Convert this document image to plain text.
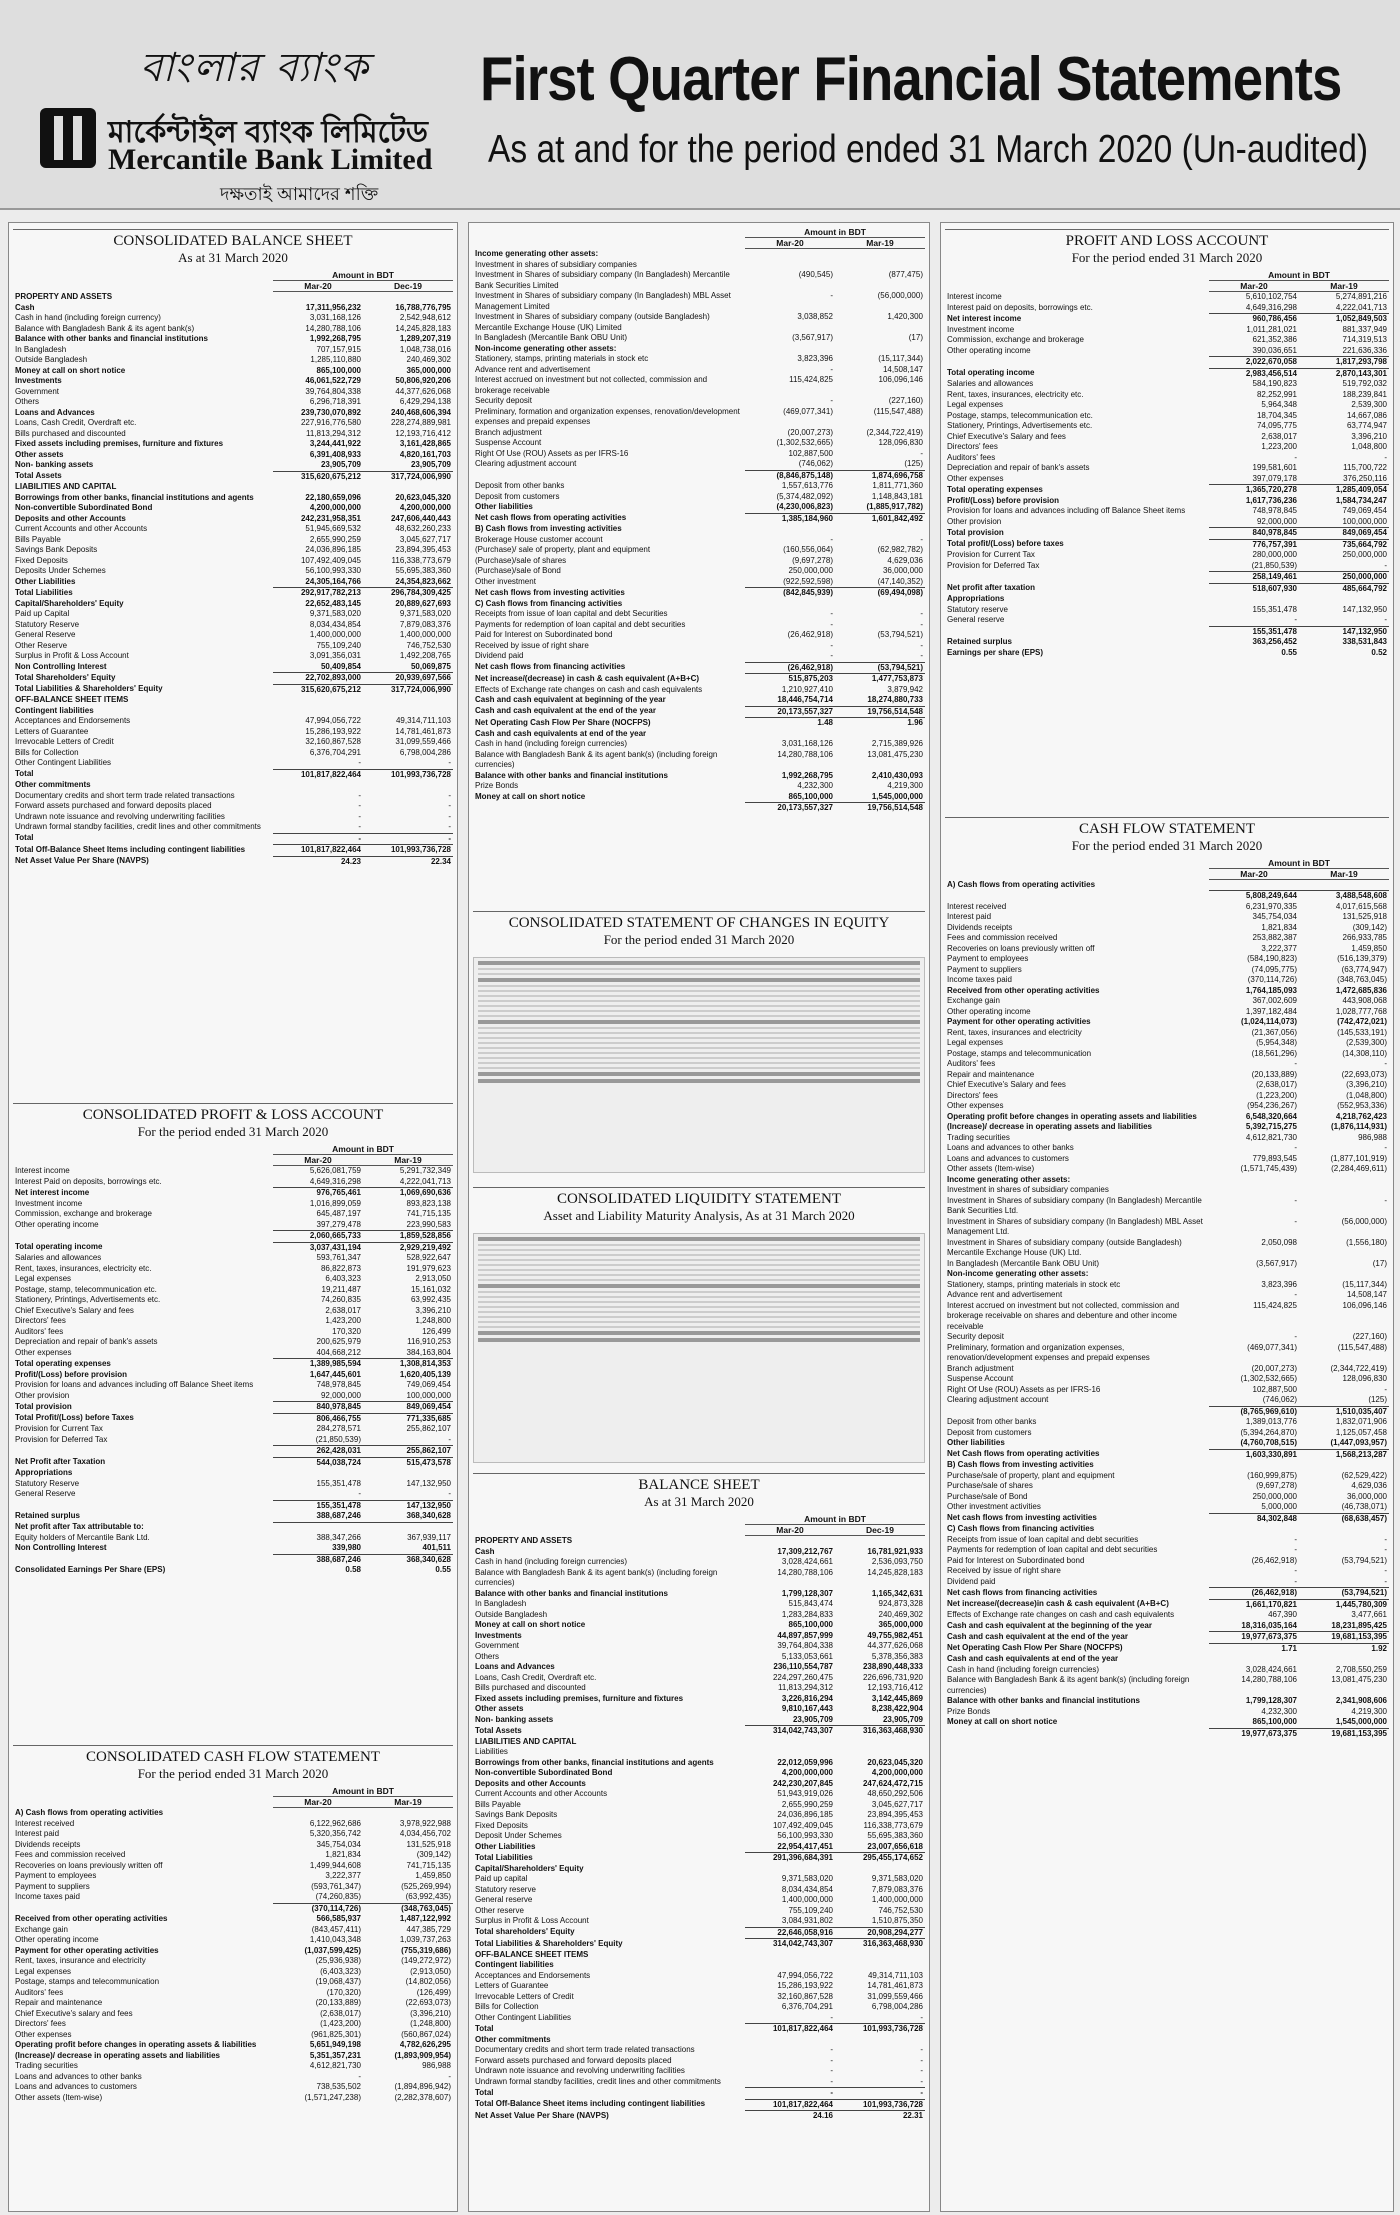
বাংলার ব্যাংক
মার্কেন্টাইল ব্যাংক লিমিটেড
Mercantile Bank Limited
দক্ষতাই আমাদের শক্তি
First Quarter Financial Statements
As at and for the period ended 31 March 2020 (Un-audited)
CONSOLIDATED BALANCE SHEET
As at 31 March 2020
Amount in BDT
Mar-20	Dec-19
PROPERTY AND ASSETS		
Cash	17,311,956,232	16,788,776,795
Cash in hand (including foreign currency)	3,031,168,126	2,542,948,612
Balance with Bangladesh Bank & its agent bank(s)	14,280,788,106	14,245,828,183
Balance with other banks and financial institutions	1,992,268,795	1,289,207,319
In Bangladesh	707,157,915	1,048,738,016
Outside Bangladesh	1,285,110,880	240,469,302
Money at call on short notice	865,100,000	365,000,000
Investments	46,061,522,729	50,806,920,206
Government	39,764,804,338	44,377,626,068
Others	6,296,718,391	6,429,294,138
Loans and Advances	239,730,070,892	240,468,606,394
Loans, Cash Credit, Overdraft etc.	227,916,776,580	228,274,889,981
Bills purchased and discounted	11,813,294,312	12,193,716,412
Fixed assets including premises, furniture and fixtures	3,244,441,922	3,161,428,865
Other assets	6,391,408,933	4,820,161,703
Non- banking assets	23,905,709	23,905,709
Total Assets	315,620,675,212	317,724,006,990
LIABILITIES AND CAPITAL		
Borrowings from other banks, financial institutions and agents	22,180,659,096	20,623,045,320
Non-convertible Subordinated Bond	4,200,000,000	4,200,000,000
Deposits and other Accounts	242,231,958,351	247,606,440,443
Current Accounts and other Accounts	51,945,669,532	48,632,260,233
Bills Payable	2,655,990,259	3,045,627,717
Savings Bank Deposits	24,036,896,185	23,894,395,453
Fixed Deposits	107,492,409,045	116,338,773,679
Deposits Under Schemes	56,100,993,330	55,695,383,360
Other Liabilities	24,305,164,766	24,354,823,662
Total Liabilities	292,917,782,213	296,784,309,425
Capital/Shareholders' Equity	22,652,483,145	20,889,627,693
Paid up Capital	9,371,583,020	9,371,583,020
Statutory Reserve	8,034,434,854	7,879,083,376
General Reserve	1,400,000,000	1,400,000,000
Other Reserve	755,109,240	746,752,530
Surplus in Profit & Loss Account	3,091,356,031	1,492,208,765
Non Controlling Interest	50,409,854	50,069,875
Total Shareholders' Equity	22,702,893,000	20,939,697,566
Total Liabilities & Shareholders' Equity	315,620,675,212	317,724,006,990
OFF-BALANCE SHEET ITEMS		
Contingent liabilities		
Acceptances and Endorsements	47,994,056,722	49,314,711,103
Letters of Guarantee	15,286,193,922	14,781,461,873
Irrevocable Letters of Credit	32,160,867,528	31,099,559,466
Bills for Collection	6,376,704,291	6,798,004,286
Other Contingent Liabilities	-	-
Total	101,817,822,464	101,993,736,728
Other commitments		
Documentary credits and short term trade related transactions	-	-
Forward assets purchased and forward deposits placed	-	-
Undrawn note issuance and revolving underwriting facilities	-	-
Undrawn formal standby facilities, credit lines and other commitments	-	-
Total	-	-
Total Off-Balance Sheet Items including contingent liabilities	101,817,822,464	101,993,736,728
Net Asset Value Per Share (NAVPS)	24.23	22.34
CONSOLIDATED PROFIT & LOSS ACCOUNT
For the period ended 31 March 2020
Amount in BDT
Mar-20	Mar-19
Interest income	5,626,081,759	5,291,732,349
Interest Paid on deposits, borrowings etc.	4,649,316,298	4,222,041,713
Net interest income	976,765,461	1,069,690,636
Investment income	1,016,899,059	893,823,138
Commission, exchange and brokerage	645,487,197	741,715,135
Other operating income	397,279,478	223,990,583
	2,060,665,733	1,859,528,856
Total operating income	3,037,431,194	2,929,219,492
Salaries and allowances	593,761,347	528,922,647
Rent, taxes, insurances, electricity etc.	86,822,873	191,979,623
Legal expenses	6,403,323	2,913,050
Postage, stamp, telecommunication etc.	19,211,487	15,161,032
Stationery, Printings, Advertisements etc.	74,260,835	63,992,435
Chief Executive's Salary and fees	2,638,017	3,396,210
Directors' fees	1,423,200	1,248,800
Auditors' fees	170,320	126,499
Depreciation and repair of bank's assets	200,625,979	116,910,253
Other expenses	404,668,212	384,163,804
Total operating expenses	1,389,985,594	1,308,814,353
Profit/(Loss) before provision	1,647,445,601	1,620,405,139
Provision for loans and advances including off Balance Sheet items	748,978,845	749,069,454
Other provision	92,000,000	100,000,000
Total provision	840,978,845	849,069,454
Total Profit/(Loss) before Taxes	806,466,755	771,335,685
Provision for Current Tax	284,278,571	255,862,107
Provision for Deferred Tax	(21,850,539)	-
	262,428,031	255,862,107
Net Profit after Taxation	544,038,724	515,473,578
Appropriations		
Statutory Reserve	155,351,478	147,132,950
General Reserve	-	-
	155,351,478	147,132,950
Retained surplus	388,687,246	368,340,628
Net profit after Tax attributable to:		
Equity holders of Mercantile Bank Ltd.	388,347,266	367,939,117
Non Controlling Interest	339,980	401,511
	388,687,246	368,340,628
Consolidated Earnings Per Share (EPS)	0.58	0.55
CONSOLIDATED CASH FLOW STATEMENT
For the period ended 31 March 2020
Amount in BDT
Mar-20	Mar-19
A) Cash flows from operating activities		
Interest received	6,122,962,686	3,978,922,988
Interest paid	5,320,356,742	4,034,456,702
Dividends receipts	345,754,034	131,525,918
Fees and commission received	1,821,834	(309,142)
Recoveries on loans previously written off	1,499,944,608	741,715,135
Payment to employees	3,222,377	1,459,850
Payment to suppliers	(593,761,347)	(525,269,994)
Income taxes paid	(74,260,835)	(63,992,435)
	(370,114,726)	(348,763,045)
Received from other operating activities	566,585,937	1,487,122,992
Exchange gain	(843,457,411)	447,385,729
Other operating income	1,410,043,348	1,039,737,263
Payment for other operating activities	(1,037,599,425)	(755,319,686)
Rent, taxes, insurance and electricity	(25,936,938)	(149,272,972)
Legal expenses	(6,403,323)	(2,913,050)
Postage, stamps and telecommunication	(19,068,437)	(14,802,056)
Auditors' fees	(170,320)	(126,499)
Repair and maintenance	(20,133,889)	(22,693,073)
Chief Executive's salary and fees	(2,638,017)	(3,396,210)
Directors' fees	(1,423,200)	(1,248,800)
Other expenses	(961,825,301)	(560,867,024)
Operating profit before changes in operating assets & liabilities	5,651,949,198	4,782,626,295
(Increase)/ decrease in operating assets and liabilities	5,351,357,231	(1,893,909,954)
Trading securities	4,612,821,730	986,988
Loans and advances to other banks	-	-
Loans and advances to customers	738,535,502	(1,894,896,942)
Other assets (Item-wise)	(1,571,247,238)	(2,282,378,607)
Amount in BDT
Mar-20	Mar-19
Income generating other assets:		
Investment in shares of subsidiary companies		
Investment in Shares of subsidiary company (In Bangladesh) Mercantile Bank Securities Limited	(490,545)	(877,475)
Investment in Shares of subsidiary company (In Bangladesh) MBL Asset Management Limited	-	(56,000,000)
Investment in Shares of subsidiary company (outside Bangladesh) Mercantile Exchange House (UK) Limited	3,038,852	1,420,300
In Bangladesh (Mercantile Bank OBU Unit)	(3,567,917)	(17)
Non-income generating other assets:		
Stationery, stamps, printing materials in stock etc	3,823,396	(15,117,344)
Advance rent and advertisement	-	14,508,147
Interest accrued on investment but not collected, commission and brokerage receivable	115,424,825	106,096,146
Security deposit	-	(227,160)
Preliminary, formation and organization expenses, renovation/development expenses and prepaid expenses	(469,077,341)	(115,547,488)
Branch adjustment	(20,007,273)	(2,344,722,419)
Suspense Account	(1,302,532,665)	128,096,830
Right Of Use (ROU) Assets as per IFRS-16	102,887,500	-
Clearing adjustment account	(746,062)	(125)
	(8,846,875,148)	1,874,696,758
Deposit from other banks	1,557,613,776	1,811,771,360
Deposit from customers	(5,374,482,092)	1,148,843,181
Other liabilities	(4,230,006,823)	(1,885,917,782)
Net cash flows from operating activities	1,385,184,960	1,601,842,492
B) Cash flows from investing activities		
Brokerage House customer account	-	-
(Purchase)/ sale of property, plant and equipment	(160,556,064)	(62,982,782)
(Purchase)/sale of shares	(9,697,278)	4,629,036
(Purchase)/sale of Bond	250,000,000	36,000,000
Other investment	(922,592,598)	(47,140,352)
Net cash flows from investing activities	(842,845,939)	(69,494,098)
C) Cash flows from financing activities		
Receipts from issue of loan capital and debt Securities	-	-
Payments for redemption of loan capital and debt securities	-	-
Paid for Interest on Subordinated bond	(26,462,918)	(53,794,521)
Received by issue of right share	-	-
Dividend paid	-	-
Net cash flows from financing activities	(26,462,918)	(53,794,521)
Net increase/(decrease) in cash & cash equivalent (A+B+C)	515,875,203	1,477,753,873
Effects of Exchange rate changes on cash and cash equivalents	1,210,927,410	3,879,942
Cash and cash equivalent at beginning of the year	18,446,754,714	18,274,880,733
Cash and cash equivalent at the end of the year	20,173,557,327	19,756,514,548
Net Operating Cash Flow Per Share (NOCFPS)	1.48	1.96
Cash and cash equivalents at end of the year		
Cash in hand (including foreign currencies)	3,031,168,126	2,715,389,926
Balance with Bangladesh Bank & its agent bank(s) (including foreign currencies)	14,280,788,106	13,081,475,230
Balance with other banks and financial institutions	1,992,268,795	2,410,430,093
Prize Bonds	4,232,300	4,219,300
Money at call on short notice	865,100,000	1,545,000,000
	20,173,557,327	19,756,514,548
CONSOLIDATED STATEMENT OF CHANGES IN EQUITY
For the period ended 31 March 2020
CONSOLIDATED LIQUIDITY STATEMENT
Asset and Liability Maturity Analysis, As at 31 March 2020
BALANCE SHEET
As at 31 March 2020
Amount in BDT
Mar-20	Dec-19
PROPERTY AND ASSETS		
Cash	17,309,212,767	16,781,921,933
Cash in hand (including foreign currencies)	3,028,424,661	2,536,093,750
Balance with Bangladesh Bank & its agent bank(s) (including foreign currencies)	14,280,788,106	14,245,828,183
Balance with other banks and financial institutions	1,799,128,307	1,165,342,631
In Bangladesh	515,843,474	924,873,328
Outside Bangladesh	1,283,284,833	240,469,302
Money at call on short notice	865,100,000	365,000,000
Investments	44,897,857,999	49,755,982,451
Government	39,764,804,338	44,377,626,068
Others	5,133,053,661	5,378,356,383
Loans and Advances	236,110,554,787	238,890,448,333
Loans, Cash Credit, Overdraft etc.	224,297,260,475	226,696,731,920
Bills purchased and discounted	11,813,294,312	12,193,716,412
Fixed assets including premises, furniture and fixtures	3,226,816,294	3,142,445,869
Other assets	9,810,167,443	8,238,422,904
Non- banking assets	23,905,709	23,905,709
Total Assets	314,042,743,307	316,363,468,930
LIABILITIES AND CAPITAL		
Liabilities		
Borrowings from other banks, financial institutions and agents	22,012,059,996	20,623,045,320
Non-convertible Subordinated Bond	4,200,000,000	4,200,000,000
Deposits and other Accounts	242,230,207,845	247,624,472,715
Current Accounts and other Accounts	51,943,919,026	48,650,292,506
Bills Payable	2,655,990,259	3,045,627,717
Savings Bank Deposits	24,036,896,185	23,894,395,453
Fixed Deposits	107,492,409,045	116,338,773,679
Deposit Under Schemes	56,100,993,330	55,695,383,360
Other Liabilities	22,954,417,451	23,007,656,618
Total Liabilities	291,396,684,391	295,455,174,652
Capital/Shareholders' Equity		
Paid up capital	9,371,583,020	9,371,583,020
Statutory reserve	8,034,434,854	7,879,083,376
General reserve	1,400,000,000	1,400,000,000
Other reserve	755,109,240	746,752,530
Surplus in Profit & Loss Account	3,084,931,802	1,510,875,350
Total shareholders' Equity	22,646,058,916	20,908,294,277
Total Liabilities & Shareholders' Equity	314,042,743,307	316,363,468,930
OFF-BALANCE SHEET ITEMS		
Contingent liabilities		
Acceptances and Endorsements	47,994,056,722	49,314,711,103
Letters of Guarantee	15,286,193,922	14,781,461,873
Irrevocable Letters of Credit	32,160,867,528	31,099,559,466
Bills for Collection	6,376,704,291	6,798,004,286
Other Contingent Liabilities	-	-
Total	101,817,822,464	101,993,736,728
Other commitments		
Documentary credits and short term trade related transactions	-	-
Forward assets purchased and forward deposits placed	-	-
Undrawn note issuance and revolving underwriting facilities	-	-
Undrawn formal standby facilities, credit lines and other commitments	-	-
Total	-	-
Total Off-Balance Sheet items including contingent liabilities	101,817,822,464	101,993,736,728
Net Asset Value Per Share (NAVPS)	24.16	22.31
PROFIT AND LOSS ACCOUNT
For the period ended 31 March 2020
Amount in BDT
Mar-20	Mar-19
Interest income	5,610,102,754	5,274,891,216
Interest paid on deposits, borrowings etc.	4,649,316,298	4,222,041,713
Net interest income	960,786,456	1,052,849,503
Investment income	1,011,281,021	881,337,949
Commission, exchange and brokerage	621,352,386	714,319,513
Other operating income	390,036,651	221,636,336
	2,022,670,058	1,817,293,798
Total operating income	2,983,456,514	2,870,143,301
Salaries and allowances	584,190,823	519,792,032
Rent, taxes, insurances, electricity etc.	82,252,991	188,239,841
Legal expenses	5,964,348	2,539,300
Postage, stamps, telecommunication etc.	18,704,345	14,667,086
Stationery, Printings, Advertisements etc.	74,095,775	63,774,947
Chief Executive's Salary and fees	2,638,017	3,396,210
Directors' fees	1,223,200	1,048,800
Auditors' fees	-	-
Depreciation and repair of bank's assets	199,581,601	115,700,722
Other expenses	397,079,178	376,250,116
Total operating expenses	1,365,720,278	1,285,409,054
Profit/(Loss) before provision	1,617,736,236	1,584,734,247
Provision for loans and advances including off Balance Sheet items	748,978,845	749,069,454
Other provision	92,000,000	100,000,000
Total provision	840,978,845	849,069,454
Total profit/(Loss) before taxes	776,757,391	735,664,792
Provision for Current Tax	280,000,000	250,000,000
Provision for Deferred Tax	(21,850,539)	-
	258,149,461	250,000,000
Net profit after taxation	518,607,930	485,664,792
Appropriations		
Statutory reserve	155,351,478	147,132,950
General reserve	-	-
	155,351,478	147,132,950
Retained surplus	363,256,452	338,531,843
Earnings per share (EPS)	0.55	0.52
CASH FLOW STATEMENT
For the period ended 31 March 2020
Amount in BDT
Mar-20	Mar-19
A) Cash flows from operating activities		
	5,808,249,644	3,488,548,608
Interest received	6,231,970,335	4,017,615,568
Interest paid	345,754,034	131,525,918
Dividends receipts	1,821,834	(309,142)
Fees and commission received	253,882,387	266,933,785
Recoveries on loans previously written off	3,222,377	1,459,850
Payment to employees	(584,190,823)	(516,139,379)
Payment to suppliers	(74,095,775)	(63,774,947)
Income taxes paid	(370,114,726)	(348,763,045)
Received from other operating activities	1,764,185,093	1,472,685,836
Exchange gain	367,002,609	443,908,068
Other operating income	1,397,182,484	1,028,777,768
Payment for other operating activities	(1,024,114,073)	(742,472,021)
Rent, taxes, insurances and electricity	(21,367,056)	(145,533,191)
Legal expenses	(5,954,348)	(2,539,300)
Postage, stamps and telecommunication	(18,561,296)	(14,308,110)
Auditors' fees	-	-
Repair and maintenance	(20,133,889)	(22,693,073)
Chief Executive's Salary and fees	(2,638,017)	(3,396,210)
Directors' fees	(1,223,200)	(1,048,800)
Other expenses	(954,236,267)	(552,953,336)
Operating profit before changes in operating assets and liabilities	6,548,320,664	4,218,762,423
(Increase)/ decrease in operating assets and liabilities	5,392,715,275	(1,876,114,931)
Trading securities	4,612,821,730	986,988
Loans and advances to other banks	-	-
Loans and advances to customers	779,893,545	(1,877,101,919)
Other assets (Item-wise)	(1,571,745,439)	(2,284,469,611)
Income generating other assets:		
Investment in shares of subsidiary companies		
Investment in Shares of subsidiary company (In Bangladesh) Mercantile Bank Securities Ltd.	-	-
Investment in Shares of subsidiary company (In Bangladesh) MBL Asset Management Ltd.	-	(56,000,000)
Investment in Shares of subsidiary company (outside Bangladesh) Mercantile Exchange House (UK) Ltd.	2,050,098	(1,556,180)
In Bangladesh (Mercantile Bank OBU Unit)	(3,567,917)	(17)
Non-income generating other assets:		
Stationery, stamps, printing materials in stock etc	3,823,396	(15,117,344)
Advance rent and advertisement	-	14,508,147
Interest accrued on investment but not collected, commission and brokerage receivable on shares and debenture and other income receivable	115,424,825	106,096,146
Security deposit	-	(227,160)
Preliminary, formation and organization expenses, renovation/development expenses and prepaid expenses	(469,077,341)	(115,547,488)
Branch adjustment	(20,007,273)	(2,344,722,419)
Suspense Account	(1,302,532,665)	128,096,830
Right Of Use (ROU) Assets as per IFRS-16	102,887,500	-
Clearing adjustment account	(746,062)	(125)
	(8,765,969,610)	1,510,035,407
Deposit from other banks	1,389,013,776	1,832,071,906
Deposit from customers	(5,394,264,870)	1,125,057,458
Other liabilities	(4,760,708,515)	(1,447,093,957)
Net Cash flows from operating activities	1,603,330,891	1,568,213,287
B) Cash flows from investing activities		
Purchase/sale of property, plant and equipment	(160,999,875)	(62,529,422)
Purchase/sale of shares	(9,697,278)	4,629,036
Purchase/sale of Bond	250,000,000	36,000,000
Other investment activities	5,000,000	(46,738,071)
Net cash flows from investing activities	84,302,848	(68,638,457)
C) Cash flows from financing activities		
Receipts from issue of loan capital and debt securities	-	-
Payments for redemption of loan capital and debt securities	-	-
Paid for Interest on Subordinated bond	(26,462,918)	(53,794,521)
Received by issue of right share	-	-
Dividend paid	-	-
Net cash flows from financing activities	(26,462,918)	(53,794,521)
Net increase/(decrease)in cash & cash equivalent (A+B+C)	1,661,170,821	1,445,780,309
Effects of Exchange rate changes on cash and cash equivalents	467,390	3,477,661
Cash and cash equivalent at the beginning of the year	18,316,035,164	18,231,895,425
Cash and cash equivalent at the end of the year	19,977,673,375	19,681,153,395
Net Operating Cash Flow Per Share (NOCFPS)	1.71	1.92
Cash and cash equivalents at end of the year		
Cash in hand (including foreign currencies)	3,028,424,661	2,708,550,259
Balance with Bangladesh Bank & its agent bank(s) (including foreign currencies)	14,280,788,106	13,081,475,230
Balance with other banks and financial institutions	1,799,128,307	2,341,908,606
Prize Bonds	4,232,300	4,219,300
Money at call on short notice	865,100,000	1,545,000,000
	19,977,673,375	19,681,153,395
